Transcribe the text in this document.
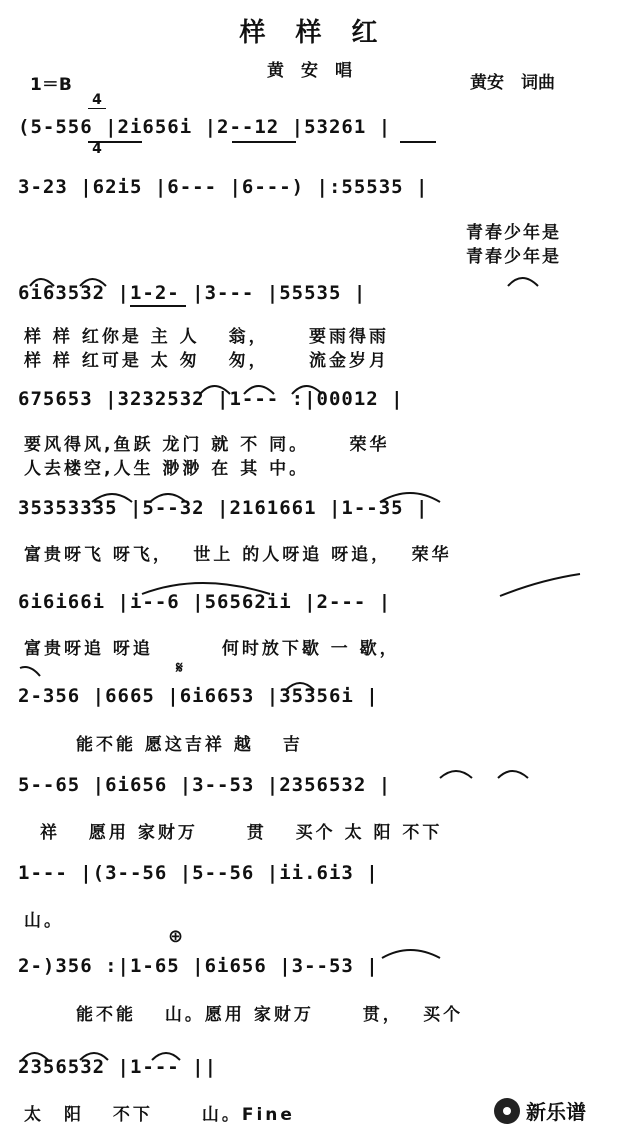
样　样　红
黄　安　唱
1＝B

4

4

黄安　词曲
(5-556 |2i656i |2--12 |53261 |
3-23 |62i5 |6--- |6---) |:55535 |
青春少年是
青春少年是
6i63532 |1-2- |3--- |55535 |
样 样 红你是 主 人　 翁，　　 要雨得雨
样 样 红可是 太 匆　 匆，　　 流金岁月
675653 |3232532 |1--- :|00012 |
要风得风,鱼跃 龙门 就 不 同。　　 荣华
人去楼空,人生 渺渺 在 其 中。
35353335 |5--32 |2161661 |1--35 |
富贵呀飞 呀飞，　 世上 的人呀追 呀追，　 荣华
6i6i66i |i--6 |56562ii |2--- |
富贵呀追 呀追　　　 何时放下歇 一 歇，
𝄋
2-356 |6665 |6i6653 |35356i |
能不能 愿这吉祥 越　 吉
5--65 |6i656 |3--53 |2356532 |
祥　 愿用 家财万　　 贯　 买个 太 阳 不下
1--- |(3--56 |5--56 |ii.6i3 |
山。
⊕
2-)356 :|1-65 |6i656 |3--53 |
能不能　 山。愿用 家财万　　 贯，　 买个
2356532 |1--- ||
太　阳　 不下　　 山。Fine	新乐谱
